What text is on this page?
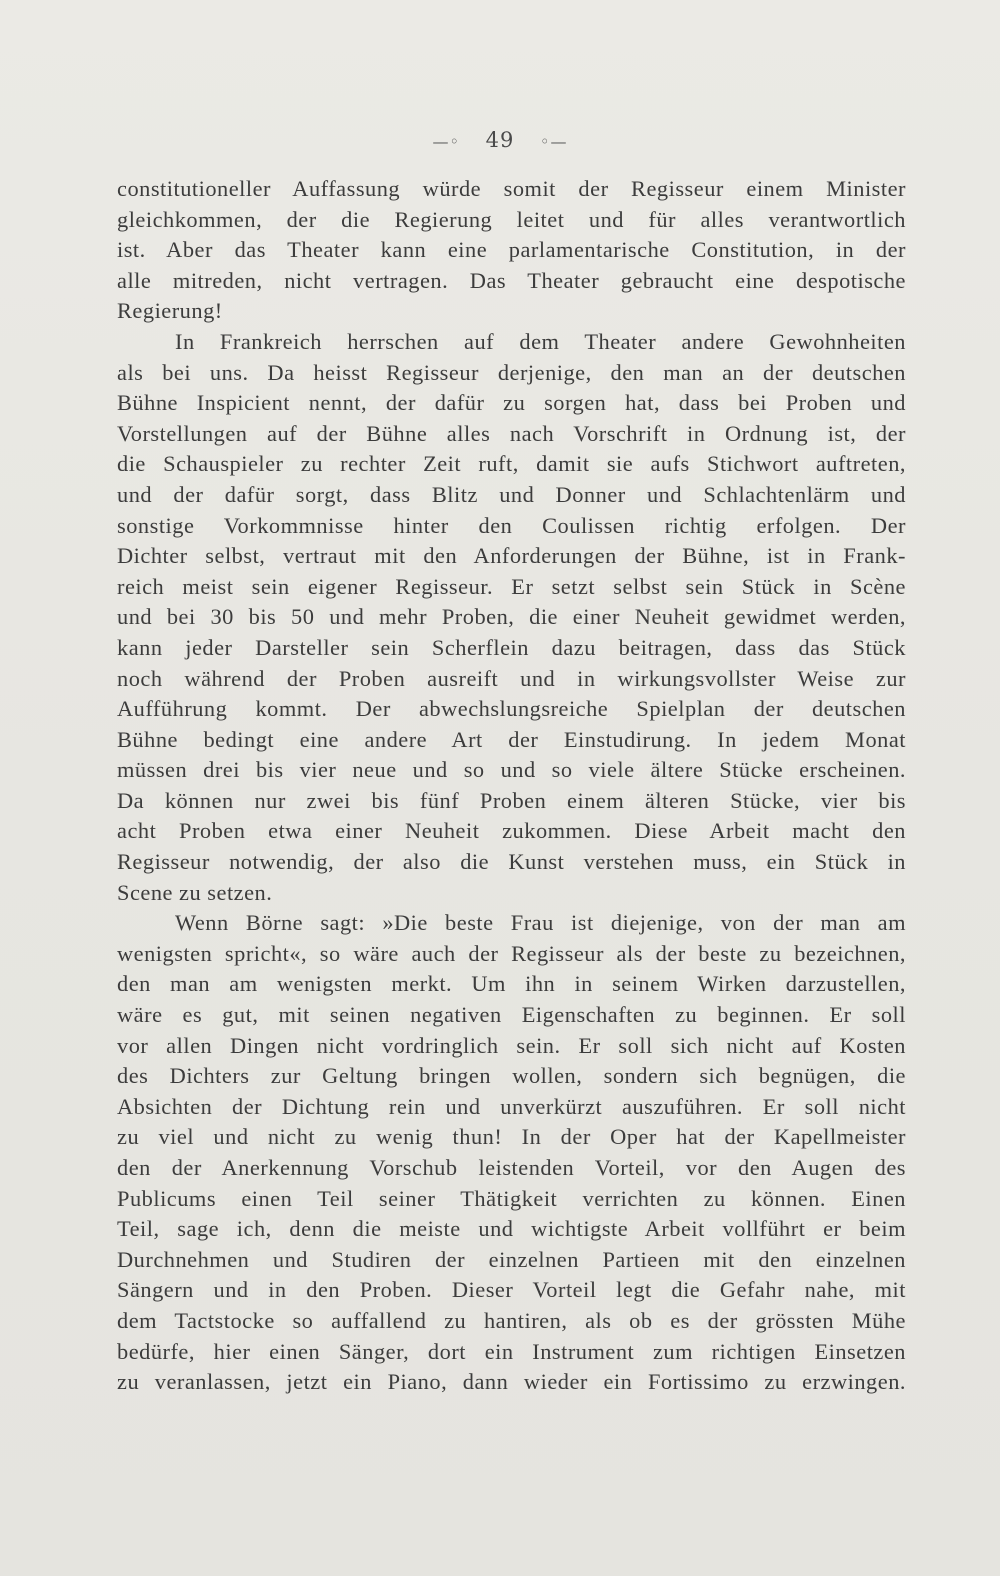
—◦ 49 ◦—
constitutioneller Auffassung würde somit der Regisseur einem Minister
gleichkommen, der die Regierung leitet und für alles verantwortlich
ist. Aber das Theater kann eine parlamentarische Constitution, in der
alle mitreden, nicht vertragen. Das Theater gebraucht eine despotische
Regierung!
In Frankreich herrschen auf dem Theater andere Gewohnheiten
als bei uns. Da heisst Regisseur derjenige, den man an der deutschen
Bühne Inspicient nennt, der dafür zu sorgen hat, dass bei Proben und
Vorstellungen auf der Bühne alles nach Vorschrift in Ordnung ist, der
die Schauspieler zu rechter Zeit ruft, damit sie aufs Stichwort auftreten,
und der dafür sorgt, dass Blitz und Donner und Schlachtenlärm und
sonstige Vorkommnisse hinter den Coulissen richtig erfolgen. Der
Dichter selbst, vertraut mit den Anforderungen der Bühne, ist in Frank-
reich meist sein eigener Regisseur. Er setzt selbst sein Stück in Scène
und bei 30 bis 50 und mehr Proben, die einer Neuheit gewidmet werden,
kann jeder Darsteller sein Scherflein dazu beitragen, dass das Stück
noch während der Proben ausreift und in wirkungsvollster Weise zur
Aufführung kommt. Der abwechslungsreiche Spielplan der deutschen
Bühne bedingt eine andere Art der Einstudirung. In jedem Monat
müssen drei bis vier neue und so und so viele ältere Stücke erscheinen.
Da können nur zwei bis fünf Proben einem älteren Stücke, vier bis
acht Proben etwa einer Neuheit zukommen. Diese Arbeit macht den
Regisseur notwendig, der also die Kunst verstehen muss, ein Stück in
Scene zu setzen.
Wenn Börne sagt: »Die beste Frau ist diejenige, von der man am
wenigsten spricht«, so wäre auch der Regisseur als der beste zu bezeichnen,
den man am wenigsten merkt. Um ihn in seinem Wirken darzustellen,
wäre es gut, mit seinen negativen Eigenschaften zu beginnen. Er soll
vor allen Dingen nicht vordringlich sein. Er soll sich nicht auf Kosten
des Dichters zur Geltung bringen wollen, sondern sich begnügen, die
Absichten der Dichtung rein und unverkürzt auszuführen. Er soll nicht
zu viel und nicht zu wenig thun! In der Oper hat der Kapellmeister
den der Anerkennung Vorschub leistenden Vorteil, vor den Augen des
Publicums einen Teil seiner Thätigkeit verrichten zu können. Einen
Teil, sage ich, denn die meiste und wichtigste Arbeit vollführt er beim
Durchnehmen und Studiren der einzelnen Partieen mit den einzelnen
Sängern und in den Proben. Dieser Vorteil legt die Gefahr nahe, mit
dem Tactstocke so auffallend zu hantiren, als ob es der grössten Mühe
bedürfe, hier einen Sänger, dort ein Instrument zum richtigen Einsetzen
zu veranlassen, jetzt ein Piano, dann wieder ein Fortissimo zu erzwingen.
